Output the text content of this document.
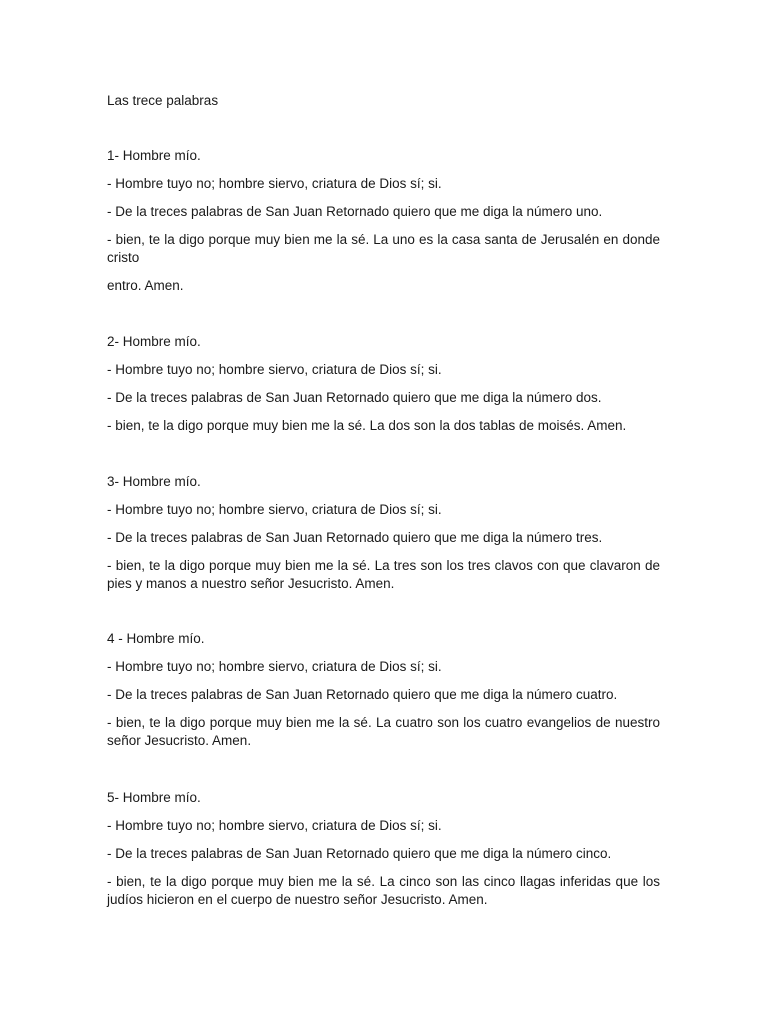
Las trece palabras

1- Hombre mío.

- Hombre tuyo no; hombre siervo, criatura de Dios sí; si.

- De la treces palabras de San Juan Retornado quiero que me diga la número uno.

- bien, te la digo porque muy bien me la sé. La uno es la casa santa de Jerusalén en donde cristo

entro. Amen.

2- Hombre mío.

- Hombre tuyo no; hombre siervo, criatura de Dios sí; si.

- De la treces palabras de San Juan Retornado quiero que me diga la número dos.

- bien, te la digo porque muy bien me la sé. La dos son la dos tablas de moisés. Amen.

3- Hombre mío.

- Hombre tuyo no; hombre siervo, criatura de Dios sí; si.

- De la treces palabras de San Juan Retornado quiero que me diga la número tres.

- bien, te la digo porque muy bien me la sé. La tres son los tres clavos con que clavaron de pies y manos a nuestro señor Jesucristo. Amen.

4 - Hombre mío.

- Hombre tuyo no; hombre siervo, criatura de Dios sí; si.

- De la treces palabras de San Juan Retornado quiero que me diga la número cuatro.

- bien, te la digo porque muy bien me la sé. La cuatro son los cuatro evangelios de nuestro señor Jesucristo. Amen.

5- Hombre mío.

- Hombre tuyo no; hombre siervo, criatura de Dios sí; si.

- De la treces palabras de San Juan Retornado quiero que me diga la número cinco.

- bien, te la digo porque muy bien me la sé. La cinco son las cinco llagas inferidas que los judíos hicieron en el cuerpo de nuestro señor Jesucristo. Amen.
